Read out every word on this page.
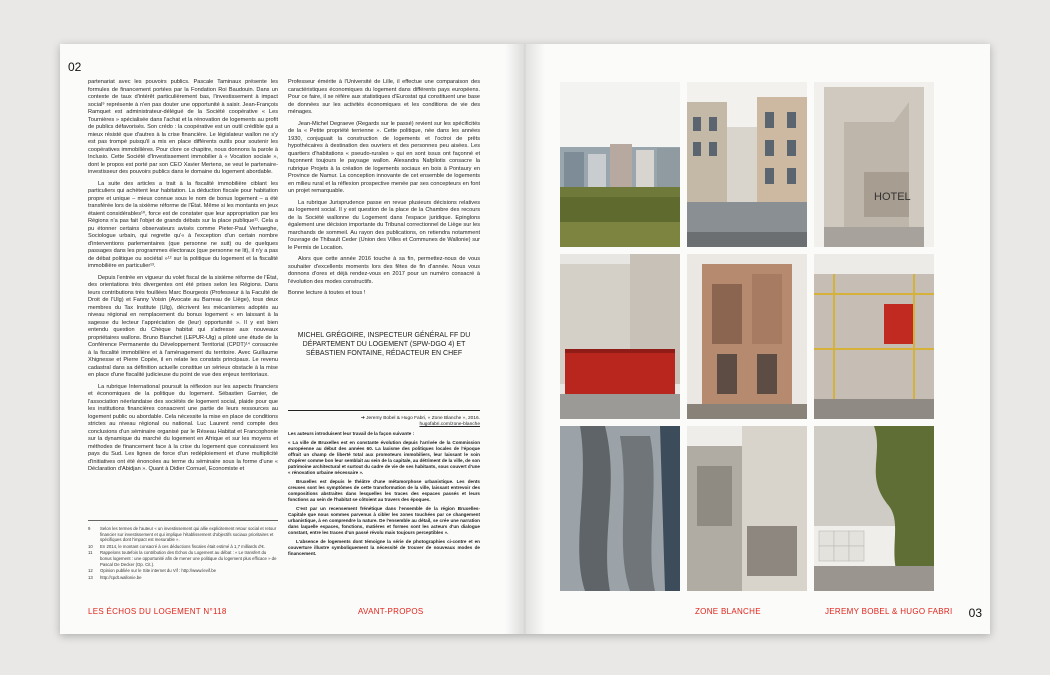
02

partenariat avec les pouvoirs publics. Pascale Taminaux présente les formules de financement portées par la Fondation Roi Baudouin. Dans un contexte de taux d'intérêt particulièrement bas, l'investissement à impact social⁹ représente à n'en pas douter une opportunité à saisir. Jean-François Ramquet est administrateur-délégué de la Société coopérative « Les Tournières » spécialisée dans l'achat et la rénovation de logements au profit de publics défavorisés. Son crédo : la coopérative est un outil crédible qui a mieux résisté que d'autres à la crise financière. Le législateur wallon ne s'y est pas trompé puisqu'il a mis en place différents outils pour soutenir les coopératives immobilières. Pour clore ce chapitre, nous donnons la parole à Inclusio. Cette Société d'Investissement immobilier à « Vocation sociale », dont le propos est porté par son CEO Xavier Mertens, se veut le partenaire-investisseur des pouvoirs publics dans le domaine du logement abordable.

La suite des articles a trait à la fiscalité immobilière ciblant les particuliers qui achètent leur habitation. La déduction fiscale pour habitation propre et unique – mieux connue sous le nom de bonus logement – a été transférée lors de la sixième réforme de l'État. Même si les montants en jeux étaient considérables¹⁰, force est de constater que leur appropriation par les Régions n'a pas fait l'objet de grands débats sur la place publique¹¹. Cela a pu étonner certains observateurs avisés comme Pieter-Paul Verhaeghe, Sociologue urbain, qui regrette qu'« à l'exception d'un certain nombre d'interventions parlementaires (que personne ne suit) ou de quelques passages dans les programmes électoraux (que personne ne lit), il n'y a pas de débat politique ou sociétal »¹² sur la politique du logement et la fiscalité immobilière en particulier¹³.

Depuis l'entrée en vigueur du volet fiscal de la sixième réforme de l'État, des orientations très divergentes ont été prises selon les Régions. Dans leurs contributions très fouillées Marc Bourgeois (Professeur à la Faculté de Droit de l'Ulg) et Fanny Voisin (Avocate au Barreau de Liège), tous deux membres du Tax Institute (Ulg), décrivent les mécanismes adoptés au niveau régional en remplacement du bonus logement « en laissant à la sagesse du lecteur l'appréciation de (leur) opportunité ». Il y est bien entendu question du Chèque habitat qui s'adresse aux nouveaux propriétaires wallons. Bruno Bianchet (LEPUR-Ulg) a piloté une étude de la Conférence Permanente du Développement Territorial (CPDT)¹⁴ consacrée à la fiscalité immobilière et à l'aménagement du territoire. Avec Guillaume Xhignesse et Pierre Copée, il en relate les constats principaux. Le revenu cadastral dans sa définition actuelle constitue un sérieux obstacle à la mise en place d'une fiscalité judicieuse du point de vue des enjeux territoriaux.

La rubrique International poursuit la réflexion sur les aspects financiers et économiques de la politique du logement. Sébastien Garnier, de l'association néerlandaise des sociétés de logement social, plaide pour que les institutions financières consacrent une partie de leurs ressources au logement public ou abordable. Cela nécessite la mise en place de conditions strictes au niveau régional ou national. Luc Laurent rend compte des conclusions d'un séminaire organisé par le Réseau Habitat et Francophonie sur la dynamique du marché du logement en Afrique et sur les moyens et méthodes de financement face à la crise du logement que connaissent les pays du Sud. Les lignes de force d'un redéploiement et d'une multiplicité d'initiatives ont été énoncées au terme du séminaire sous la forme d'une « Déclaration d'Abidjan ». Quant à Didier Cornuel, Economiste et

9	Selon les termes de l'auteur « un investissement qui allie explicitement retour social et retour financier sur investissement et qui implique l'établissement d'objectifs sociaux prioritaires et spécifiques dont l'impact est mesurable ».
10	En 2014, le montant consacré à ces déductions fiscales était estimé à 1,7 milliards d'€.
11	Rappelons toutefois la contribution des Échos du Logement au débat : « Le transfert du bonus logement : une opportunité afin de mener une politique du logement plus efficace » de Pascal De Decker (Op. Cit.).
12	Opinion publiée sur le Site internet du Vif : http://www.levif.be
13	http://cpdt.wallonie.be

Professeur émérite à l'Université de Lille, il effectue une comparaison des caractéristiques économiques du logement dans différents pays européens. Pour ce faire, il se réfère aux statistiques d'Eurostat qui constituent une base de données sur les activités économiques et les conditions de vie des ménages.

Jean-Michel Degraeve (Regards sur le passé) revient sur les spécificités de la « Petite propriété terrienne ». Cette politique, née dans les années 1930, conjuguait la construction de logements et l'octroi de prêts hypothécaires à destination des ouvriers et des personnes peu aisées. Les quartiers d'habitations « pseudo-rurales » qui en sont issus ont façonné et façonnent toujours le paysage wallon. Alexandra Nafpliotis consacre la rubrique Projets à la création de logements sociaux en bois à Pontaury en Province de Namur. La conception innovante de cet ensemble de logements en milieu rural et la réflexion prospective menée par ses concepteurs en font un projet remarquable.

La rubrique Jurisprudence passe en revue plusieurs décisions relatives au logement social. Il y est question de la place de la Chambre des recours de la Société wallonne du Logement dans l'espace juridique. Epinglons également une décision importante du Tribunal correctionnel de Liège sur les marchands de sommeil. Au rayon des publications, on retiendra notamment l'ouvrage de Thibault Ceder (Union des Villes et Communes de Wallonie) sur le Permis de Location.

Alors que cette année 2016 touche à sa fin, permettez-nous de vous souhaiter d'excellents moments lors des fêtes de fin d'année. Nous vous donnons d'ores et déjà rendez-vous en 2017 pour un numéro consacré à l'évolution des modes constructifs.

Bonne lecture à toutes et tous !

MICHEL GRÉGOIRE, INSPECTEUR GÉNÉRAL FF DU DÉPARTEMENT DU LOGEMENT (SPW-DGO 4) ET SÉBASTIEN FONTAINE, RÉDACTEUR EN CHEF

➔ Jeremy Bobel & Hugo Fabri, « Zone Blanche », 2016.

hugofabri.com/zone-blanche

Les auteurs introduisent leur travail de la façon suivante :

« La ville de Bruxelles est en constante évolution depuis l'arrivée de la Commission européenne au début des années 60. La laxisme des politiques locales de l'époque offrait un champ de liberté total aux promoteurs immobiliers, leur laissant le soin d'opérer comme bon leur semblait au sein de la capitale, au détriment de la ville, de son patrimoine architectural et surtout du cadre de vie de ses habitants, sous couvert d'une « rénovation urbaine nécessaire ».

Bruxelles est depuis le théâtre d'une métamorphose urbanistique. Les dents creuses sont les symptômes de cette transformation de la ville, laissant entrevoir des compositions abstraites dans lesquelles les traces des espaces passés et leurs fonctions au sein de l'habitat se côtoient au travers des époques.

C'est par un recensement frénétique dans l'ensemble de la région Bruxelles-Capitale que nous sommes parvenus à cibler les zones touchées par ce changement urbanistique, à en comprendre la nature. De l'ensemble au détail, se crée une narration dans laquelle espaces, fonctions, matières et formes sont les acteurs d'un dialogue constant, entre les traces d'un passé révolu mais toujours perceptibles ».

L'absence de logements dont témoigne la série de photographies ci-contre et en couverture illustre symboliquement la nécessité de trouver de nouveaux modes de financement.

LES ÉCHOS DU LOGEMENT N°118	AVANT-PROPOS
HOTEL
ZONE BLANCHE	JEREMY BOBEL & HUGO FABRI 03
